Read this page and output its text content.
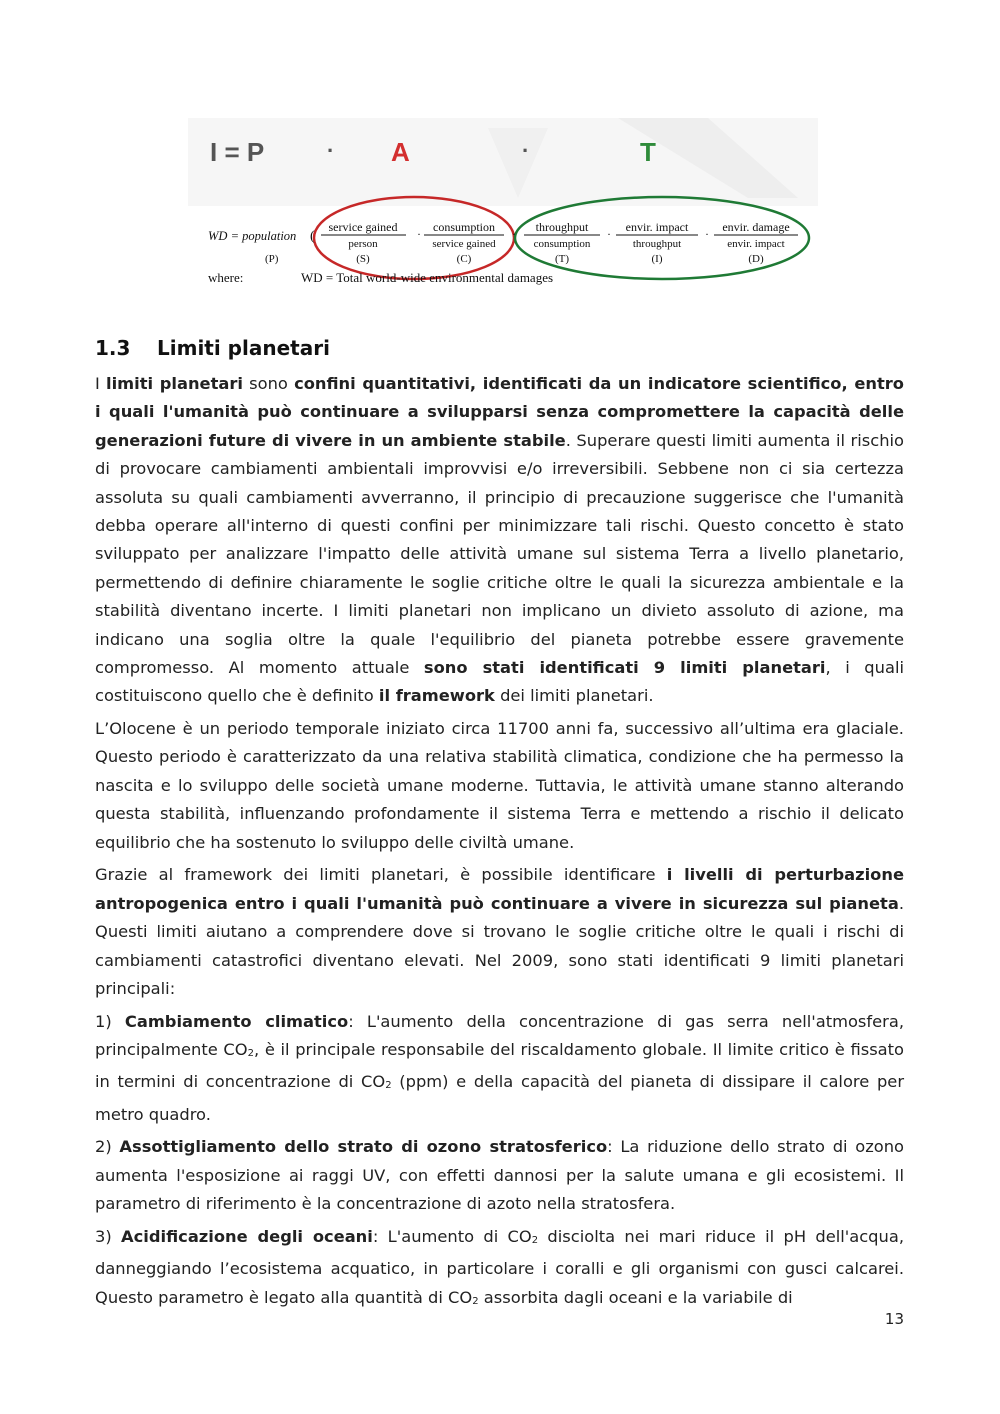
I = P	· A	·	T
WD = population (
service gained
person
(S)
· consumption
service gained
(C)
· throughput
consumption
(T)
· envir. impact
throughput
(I)
· envir. damage
envir. impact
(D)
(P)
where:	WD = Total world-wide environmental damages
1.3 Limiti planetari

I limiti planetari sono confini quantitativi, identificati da un indicatore scientifico, entro i quali l'umanità può continuare a svilupparsi senza compromettere la capacità delle generazioni future di vivere in un ambiente stabile. Superare questi limiti aumenta il rischio di provocare cambiamenti ambientali improvvisi e/o irreversibili. Sebbene non ci sia certezza assoluta su quali cambiamenti avverranno, il principio di precauzione suggerisce che l'umanità debba operare all'interno di questi confini per minimizzare tali rischi. Questo concetto è stato sviluppato per analizzare l'impatto delle attività umane sul sistema Terra a livello planetario, permettendo di definire chiaramente le soglie critiche oltre le quali la sicurezza ambientale e la stabilità diventano incerte. I limiti planetari non implicano un divieto assoluto di azione, ma indicano una soglia oltre la quale l'equilibrio del pianeta potrebbe essere gravemente compromesso. Al momento attuale sono stati identificati 9 limiti planetari, i quali costituiscono quello che è definito il framework dei limiti planetari.

L’Olocene è un periodo temporale iniziato circa 11700 anni fa, successivo all’ultima era glaciale. Questo periodo è caratterizzato da una relativa stabilità climatica, condizione che ha permesso la nascita e lo sviluppo delle società umane moderne. Tuttavia, le attività umane stanno alterando questa stabilità, influenzando profondamente il sistema Terra e mettendo a rischio il delicato equilibrio che ha sostenuto lo sviluppo delle civiltà umane.

Grazie al framework dei limiti planetari, è possibile identificare i livelli di perturbazione antropogenica entro i quali l'umanità può continuare a vivere in sicurezza sul pianeta. Questi limiti aiutano a comprendere dove si trovano le soglie critiche oltre le quali i rischi di cambiamenti catastrofici diventano elevati. Nel 2009, sono stati identificati 9 limiti planetari principali:

1) Cambiamento climatico: L'aumento della concentrazione di gas serra nell'atmosfera, principalmente $CO_2$, è il principale responsabile del riscaldamento globale. Il limite critico è fissato in termini di concentrazione di $CO_2$ (ppm) e della capacità del pianeta di dissipare il calore per metro quadro.

2) Assottigliamento dello strato di ozono stratosferico: La riduzione dello strato di ozono aumenta l'esposizione ai raggi UV, con effetti dannosi per la salute umana e gli ecosistemi. Il parametro di riferimento è la concentrazione di azoto nella stratosfera.

3) Acidificazione degli oceani: L'aumento di $CO_2$ disciolta nei mari riduce il pH dell'acqua, danneggiando l’ecosistema acquatico, in particolare i coralli e gli organismi con gusci calcarei. Questo parametro è legato alla quantità di $CO_2$ assorbita dagli oceani e la variabile di

13
